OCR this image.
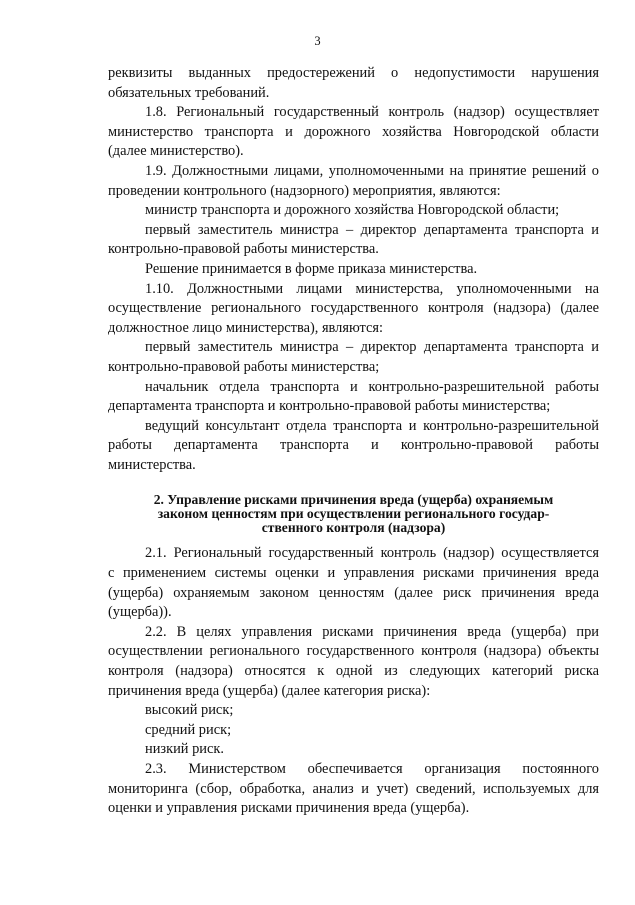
3
реквизиты выданных предостережений о недопустимости нарушения
обязательных требований.
1.8. Региональный государственный контроль (надзор) осуществляет
министерство транспорта и дорожного хозяйства Новгородской области
(далее министерство).
1.9. Должностными лицами, уполномоченными на принятие решений о
проведении контрольного (надзорного) мероприятия, являются:
министр транспорта и дорожного хозяйства Новгородской области;
первый заместитель министра – директор департамента транспорта и
контрольно-правовой работы министерства.
Решение принимается в форме приказа министерства.
1.10. Должностными лицами министерства, уполномоченными на
осуществление регионального государственного контроля (надзора) (далее
должностное лицо министерства), являются:
первый заместитель министра – директор департамента транспорта и
контрольно-правовой работы министерства;
начальник отдела транспорта и контрольно-разрешительной работы
департамента транспорта и контрольно-правовой работы министерства;
ведущий консультант отдела транспорта и контрольно-разрешительной
работы департамента транспорта и контрольно-правовой работы
министерства.
2. Управление рисками причинения вреда (ущерба) охраняемым
законом ценностям при осуществлении регионального государ-
ственного контроля (надзора)
2.1. Региональный государственный контроль (надзор) осуществляется
с применением системы оценки и управления рисками причинения вреда
(ущерба) охраняемым законом ценностям (далее риск причинения вреда
(ущерба)).
2.2. В целях управления рисками причинения вреда (ущерба) при
осуществлении регионального государственного контроля (надзора) объекты
контроля (надзора) относятся к одной из следующих категорий риска
причинения вреда (ущерба) (далее категория риска):
высокий риск;
средний риск;
низкий риск.
2.3. Министерством обеспечивается организация постоянного
мониторинга (сбор, обработка, анализ и учет) сведений, используемых для
оценки и управления рисками причинения вреда (ущерба).
